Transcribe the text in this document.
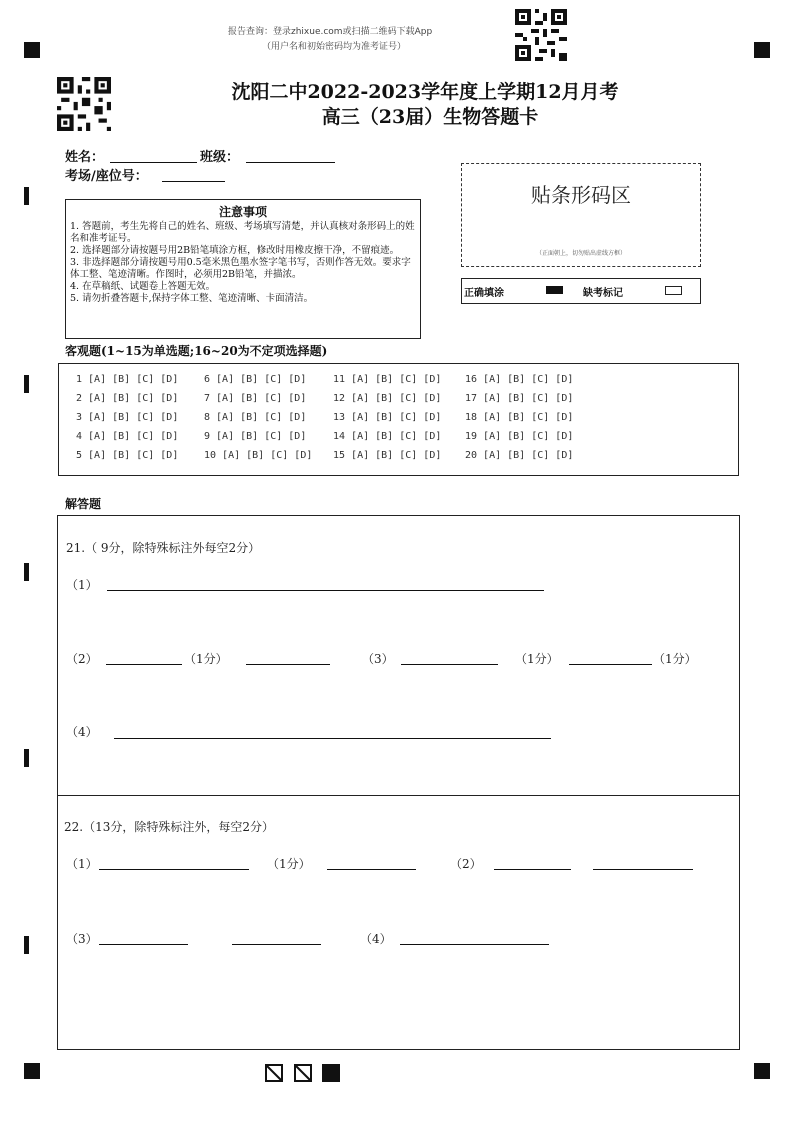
报告查询：登录zhixue.com或扫描二维码下载App
（用户名和初始密码均为准考证号）
沈阳二中2022-2023学年度上学期12月月考
高三（23届）生物答题卡
姓名：	班级：
考场/座位号：
贴条形码区
（正面朝上，切勿贴出虚线方框）
正确填涂	缺考标记
注意事项
1. 答题前，考生先将自己的姓名、班级、考场填写清楚，并认真核对条形码上的姓名和准考证号。
2. 选择题部分请按题号用2B铅笔填涂方框，修改时用橡皮擦干净，不留痕迹。
3. 非选择题部分请按题号用0.5毫米黑色墨水签字笔书写，否则作答无效。要求字体工整、笔迹清晰。作图时，必须用2B铅笔，并描浓。
4. 在草稿纸、试题卷上答题无效。
5. 请勿折叠答题卡,保持字体工整、笔迹清晰、卡面清洁。
客观题(1~15为单选题;16~20为不定项选择题)
1 [A] [B] [C] [D]
2 [A] [B] [C] [D]
3 [A] [B] [C] [D]
4 [A] [B] [C] [D]
5 [A] [B] [C] [D]
6 [A] [B] [C] [D]
7 [A] [B] [C] [D]
8 [A] [B] [C] [D]
9 [A] [B] [C] [D]
10 [A] [B] [C] [D]
11 [A] [B] [C] [D]
12 [A] [B] [C] [D]
13 [A] [B] [C] [D]
14 [A] [B] [C] [D]
15 [A] [B] [C] [D]
16 [A] [B] [C] [D]
17 [A] [B] [C] [D]
18 [A] [B] [C] [D]
19 [A] [B] [C] [D]
20 [A] [B] [C] [D]
解答题
21.（ 9分，除特殊标注外每空2分）
（1）
（2）	（1分）	（3）	（1分）	（1分）
（4）
22.（13分，除特殊标注外，每空2分）
（1）	（1分）	（2）
（3）	（4）
